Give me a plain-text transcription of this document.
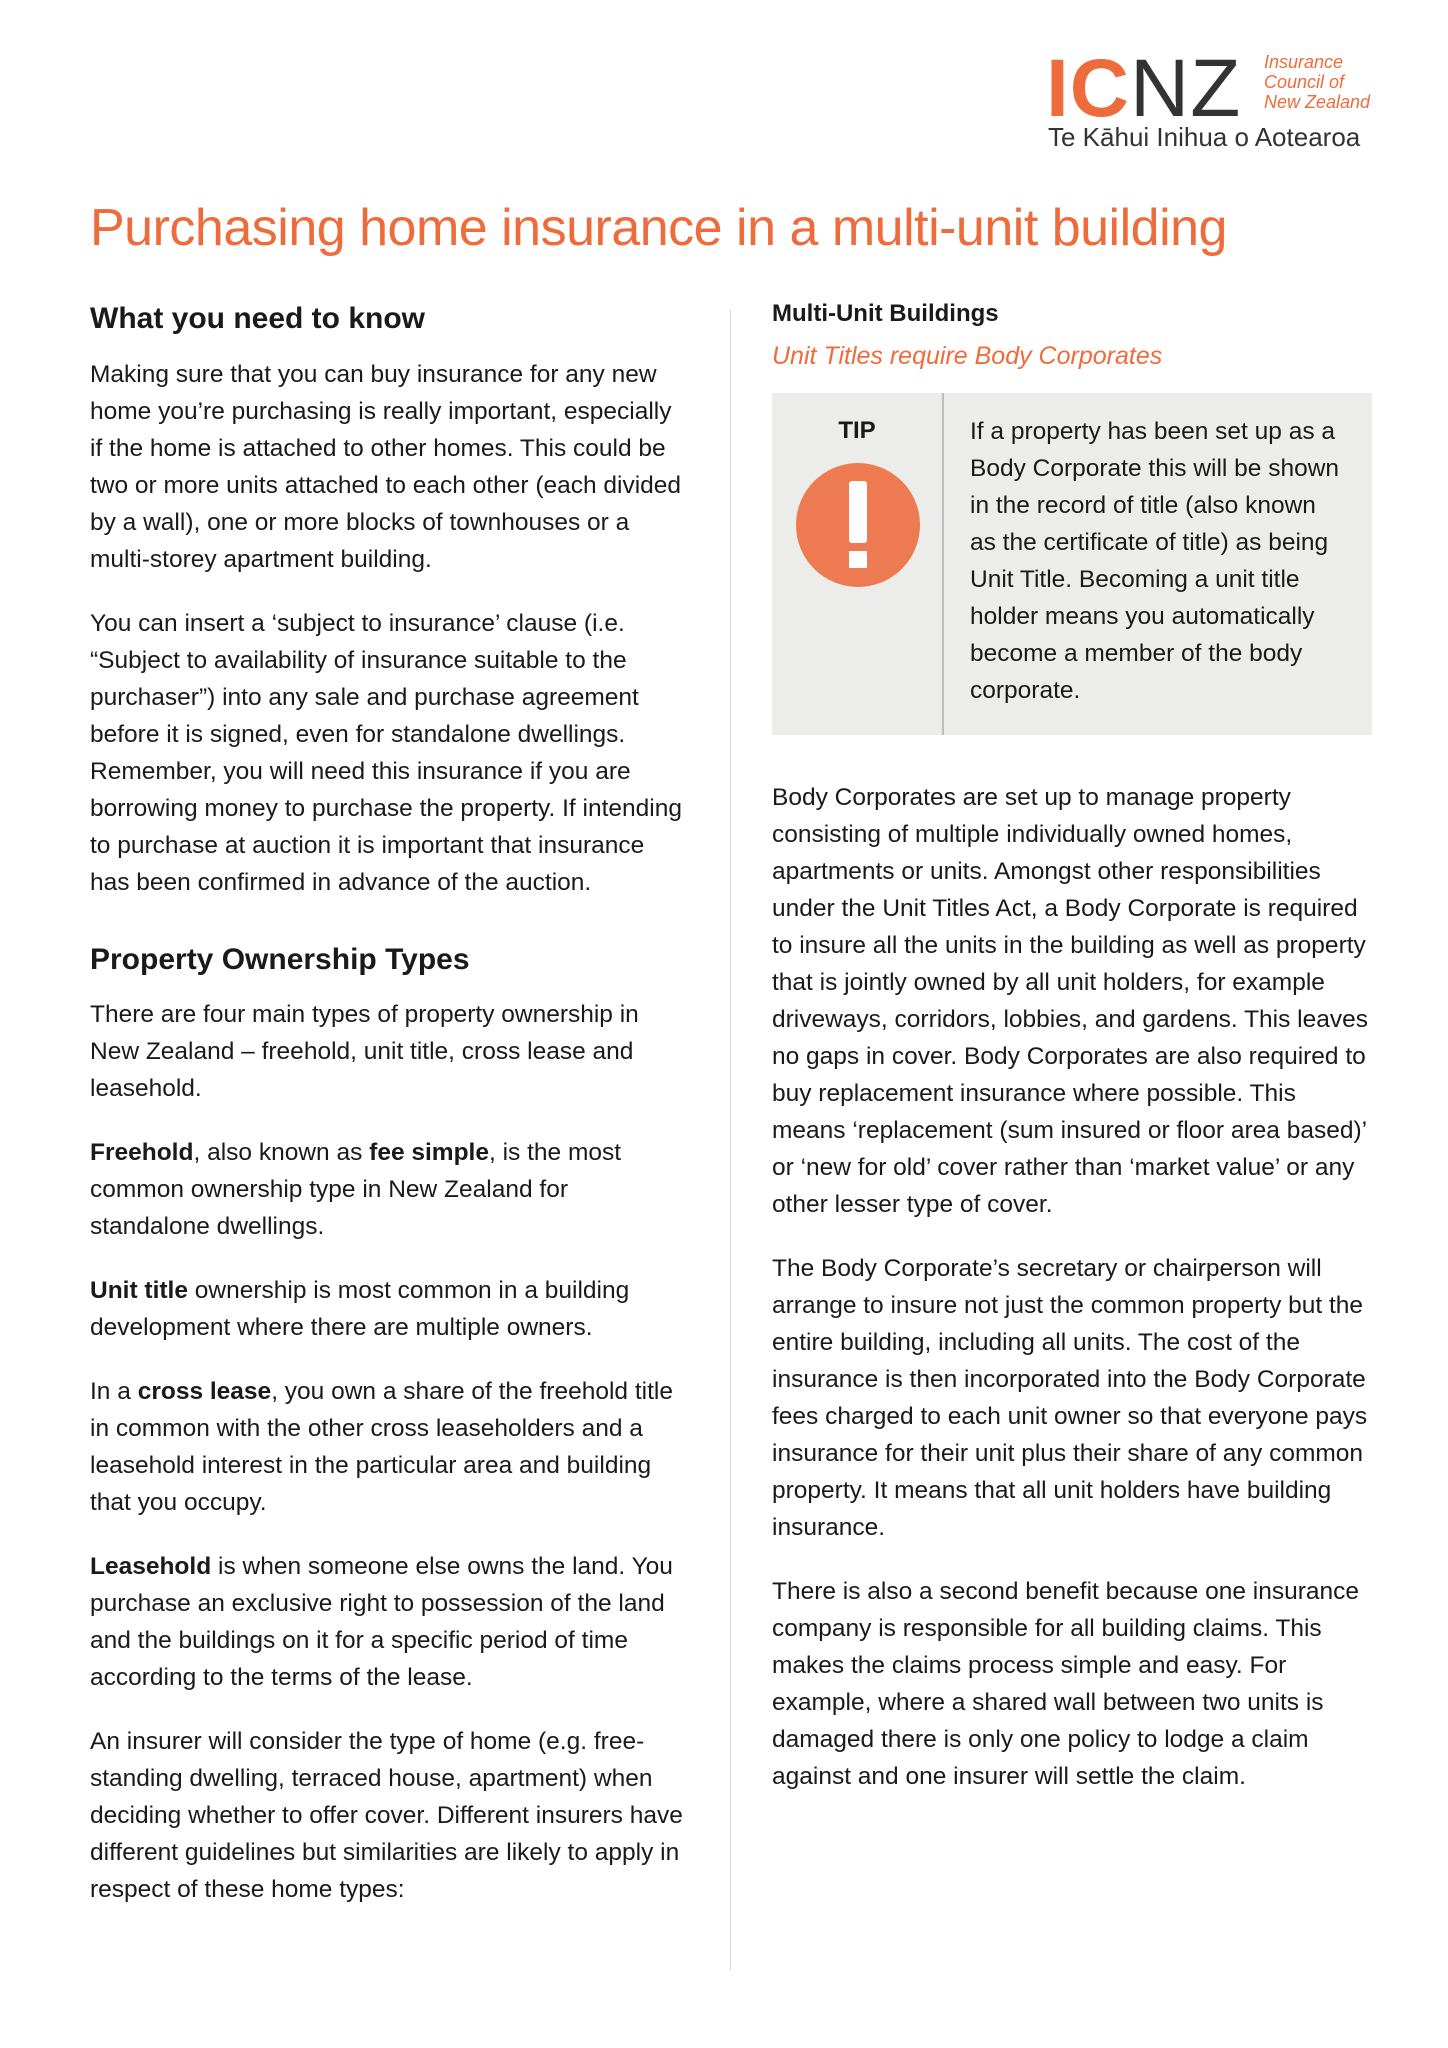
ICNZ Insurance
Council of
New Zealand
Te Kāhui Inihua o Aotearoa
Purchasing home insurance in a multi-unit building
What you need to know

Making sure that you can buy insurance for any new home you’re purchasing is really important, especially if the home is attached to other homes. This could be two or more units attached to each other (each divided by a wall), one or more blocks of townhouses or a multi-storey apartment building.

You can insert a ‘subject to insurance’ clause (i.e. “Subject to availability of insurance suitable to the purchaser”) into any sale and purchase agreement before it is signed, even for standalone dwellings. Remember, you will need this insurance if you are borrowing money to purchase the property. If intending to purchase at auction it is important that insurance has been confirmed in advance of the auction.

Property Ownership Types

There are four main types of property ownership in New Zealand – freehold, unit title, cross lease and leasehold.

Freehold, also known as fee simple, is the most common ownership type in New Zealand for standalone dwellings.

Unit title ownership is most common in a building development where there are multiple owners.

In a cross lease, you own a share of the freehold title in common with the other cross leaseholders and a leasehold interest in the particular area and building that you occupy.

Leasehold is when someone else owns the land. You purchase an exclusive right to possession of the land and the buildings on it for a specific period of time according to the terms of the lease.

An insurer will consider the type of home (e.g. free-standing dwelling, terraced house, apartment) when deciding whether to offer cover. Different insurers have different guidelines but similarities are likely to apply in respect of these home types:

Multi-Unit Buildings
Unit Titles require Body Corporates
TIP	If a property has been set up as a Body Corporate this will be shown in the record of title (also known as the certificate of title) as being Unit Title. Becoming a unit title holder means you automatically become a member of the body corporate.

Body Corporates are set up to manage property consisting of multiple individually owned homes, apartments or units. Amongst other responsibilities under the Unit Titles Act, a Body Corporate is required to insure all the units in the building as well as property that is jointly owned by all unit holders, for example driveways, corridors, lobbies, and gardens. This leaves no gaps in cover. Body Corporates are also required to buy replacement insurance where possible. This means ‘replacement (sum insured or floor area based)’ or ‘new for old’ cover rather than ‘market value’ or any other lesser type of cover.

The Body Corporate’s secretary or chairperson will arrange to insure not just the common property but the entire building, including all units. The cost of the insurance is then incorporated into the Body Corporate fees charged to each unit owner so that everyone pays insurance for their unit plus their share of any common property. It means that all unit holders have building insurance.

There is also a second benefit because one insurance company is responsible for all building claims. This makes the claims process simple and easy. For example, where a shared wall between two units is damaged there is only one policy to lodge a claim against and one insurer will settle the claim.
